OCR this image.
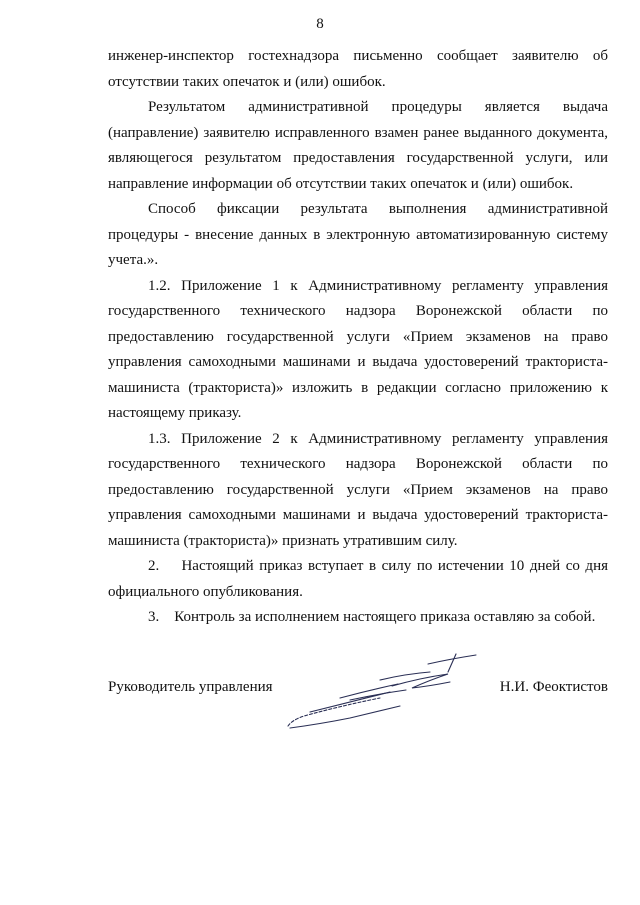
8

инженер-инспектор гостехнадзора письменно сообщает заявителю об отсутствии таких опечаток и (или) ошибок.

Результатом административной процедуры является выдача (направление) заявителю исправленного взамен ранее выданного документа, являющегося результатом предоставления государственной услуги, или направление информации об отсутствии таких опечаток и (или) ошибок.

Способ фиксации результата выполнения административной процедуры - внесение данных в электронную автоматизированную систему учета.».

1.2. Приложение 1 к Административному регламенту управления государственного технического надзора Воронежской области по предоставлению государственной услуги «Прием экзаменов на право управления самоходными машинами и выдача удостоверений тракториста-машиниста (тракториста)» изложить в редакции согласно приложению к настоящему приказу.

1.3. Приложение 2 к Административному регламенту управления государственного технического надзора Воронежской области по предоставлению государственной услуги «Прием экзаменов на право управления самоходными машинами и выдача удостоверений тракториста-машиниста (тракториста)» признать утратившим силу.

2.    Настоящий приказ вступает в силу по истечении 10 дней со дня официального опубликования.

3.    Контроль за исполнением настоящего приказа оставляю за собой.

Руководитель управления	Н.И. Феоктистов
